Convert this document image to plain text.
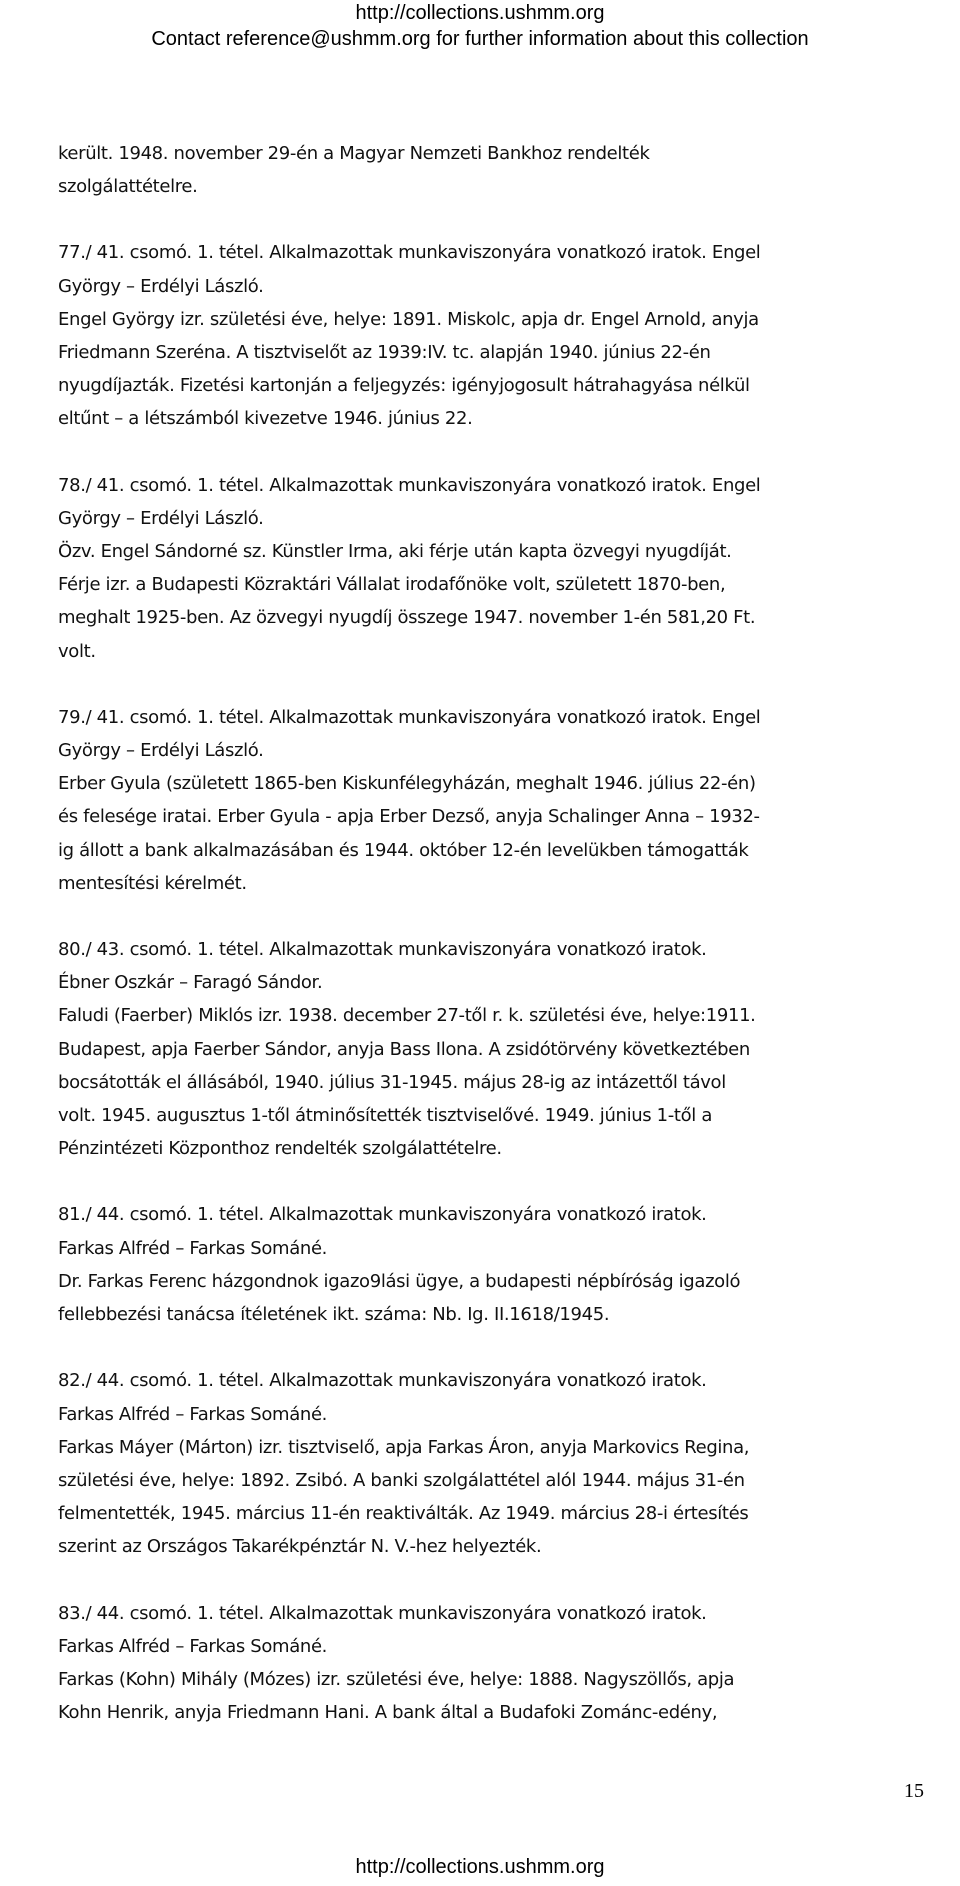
http://collections.ushmm.org
Contact reference@ushmm.org for further information about this collection
került. 1948. november 29-én a Magyar Nemzeti Bankhoz rendelték
szolgálattételre.
77./ 41. csomó. 1. tétel. Alkalmazottak munkaviszonyára vonatkozó iratok. Engel
György – Erdélyi László.
Engel György izr. születési éve, helye: 1891. Miskolc, apja dr. Engel Arnold, anyja
Friedmann Szeréna. A tisztviselőt az 1939:IV. tc. alapján 1940. június 22-én
nyugdíjazták. Fizetési kartonján a feljegyzés: igényjogosult hátrahagyása nélkül
eltűnt – a létszámból kivezetve 1946. június 22.
78./ 41. csomó. 1. tétel. Alkalmazottak munkaviszonyára vonatkozó iratok. Engel
György – Erdélyi László.
Özv. Engel Sándorné sz. Künstler Irma, aki férje után kapta özvegyi nyugdíját.
Férje izr. a Budapesti Közraktári Vállalat irodafőnöke volt, született 1870-ben,
meghalt 1925-ben. Az özvegyi nyugdíj összege 1947. november 1-én 581,20 Ft.
volt.
79./ 41. csomó. 1. tétel. Alkalmazottak munkaviszonyára vonatkozó iratok. Engel
György – Erdélyi László.
Erber Gyula (született 1865-ben Kiskunfélegyházán, meghalt 1946. július 22-én)
és felesége iratai. Erber Gyula - apja Erber Dezső, anyja Schalinger Anna – 1932-
ig állott a bank alkalmazásában és 1944. október 12-én levelükben támogatták
mentesítési kérelmét.
80./ 43. csomó. 1. tétel. Alkalmazottak munkaviszonyára vonatkozó iratok.
Ébner Oszkár – Faragó Sándor.
Faludi (Faerber) Miklós izr. 1938. december 27-től r. k. születési éve, helye:1911.
Budapest, apja Faerber Sándor, anyja Bass Ilona. A zsidótörvény következtében
bocsátották el állásából, 1940. július 31-1945. május 28-ig az intázettől távol
volt. 1945. augusztus 1-től átminősítették tisztviselővé. 1949. június 1-től a
Pénzintézeti Központhoz rendelték szolgálattételre.
81./ 44. csomó. 1. tétel. Alkalmazottak munkaviszonyára vonatkozó iratok.
Farkas Alfréd – Farkas Sománé.
Dr. Farkas Ferenc házgondnok igazo9lási ügye, a budapesti népbíróság igazoló
fellebbezési tanácsa ítéletének ikt. száma: Nb. Ig. II.1618/1945.
82./ 44. csomó. 1. tétel. Alkalmazottak munkaviszonyára vonatkozó iratok.
Farkas Alfréd – Farkas Sománé.
Farkas Máyer (Márton) izr. tisztviselő, apja Farkas Áron, anyja Markovics Regina,
születési éve, helye: 1892. Zsibó. A banki szolgálattétel alól 1944. május 31-én
felmentették, 1945. március 11-én reaktiválták. Az 1949. március 28-i értesítés
szerint az Országos Takarékpénztár N. V.-hez helyezték.
83./ 44. csomó. 1. tétel. Alkalmazottak munkaviszonyára vonatkozó iratok.
Farkas Alfréd – Farkas Sománé.
Farkas (Kohn) Mihály (Mózes) izr. születési éve, helye: 1888. Nagyszöllős, apja
Kohn Henrik, anyja Friedmann Hani. A bank által a Budafoki Zománc-edény,
15
http://collections.ushmm.org
